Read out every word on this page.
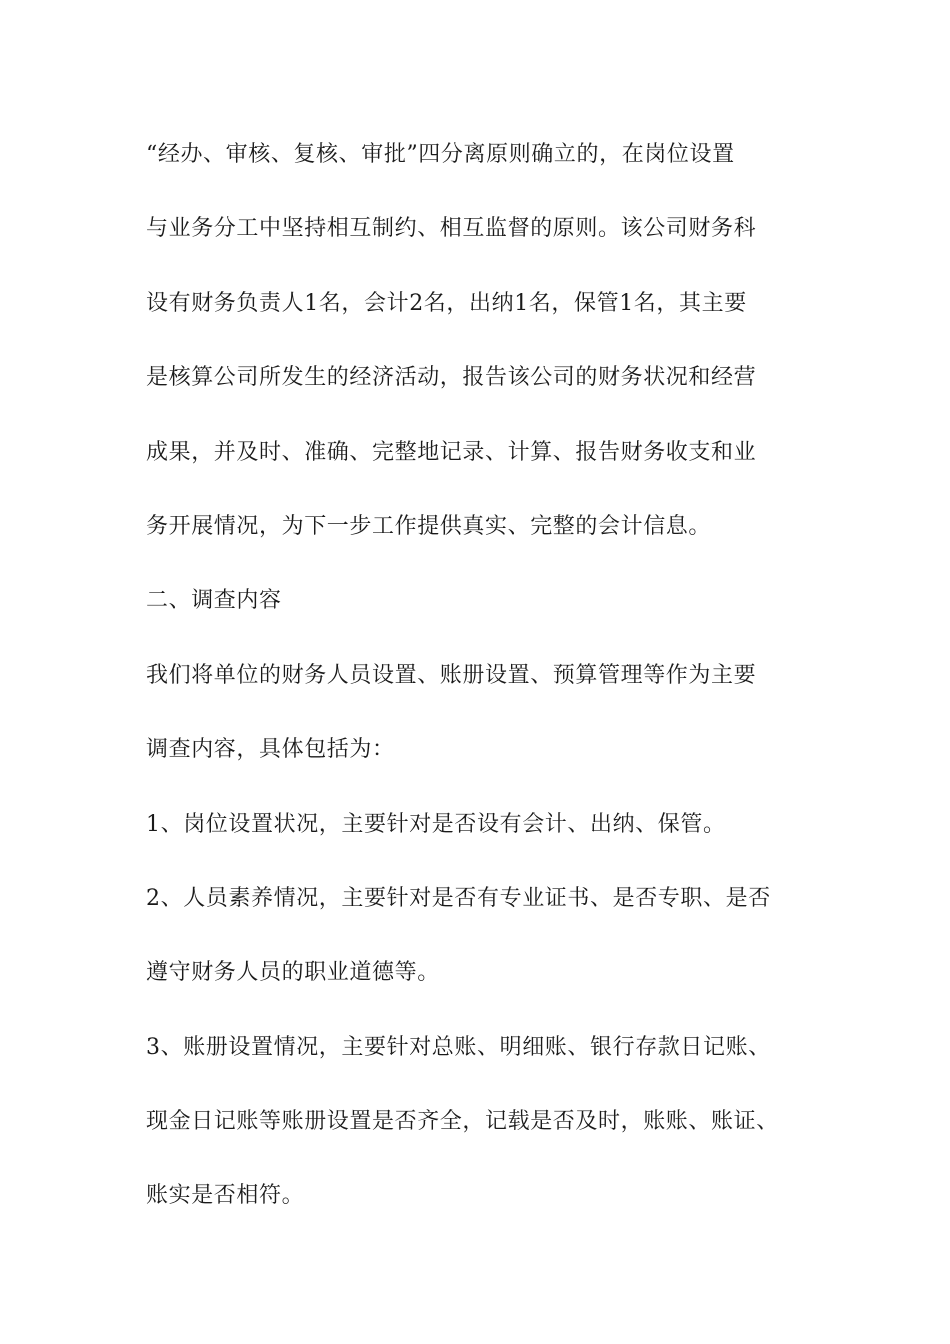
“经办、审核、复核、审批”四分离原则确立的，在岗位设置
与业务分工中坚持相互制约、相互监督的原则。该公司财务科
设有财务负责人1名，会计2名，出纳1名，保管1名，其主要
是核算公司所发生的经济活动，报告该公司的财务状况和经营
成果，并及时、准确、完整地记录、计算、报告财务收支和业
务开展情况，为下一步工作提供真实、完整的会计信息。
二、调查内容
我们将单位的财务人员设置、账册设置、预算管理等作为主要
调查内容，具体包括为：
1、岗位设置状况，主要针对是否设有会计、出纳、保管。
2、人员素养情况，主要针对是否有专业证书、是否专职、是否
遵守财务人员的职业道德等。
3、账册设置情况，主要针对总账、明细账、银行存款日记账、
现金日记账等账册设置是否齐全，记载是否及时，账账、账证、
账实是否相符。
